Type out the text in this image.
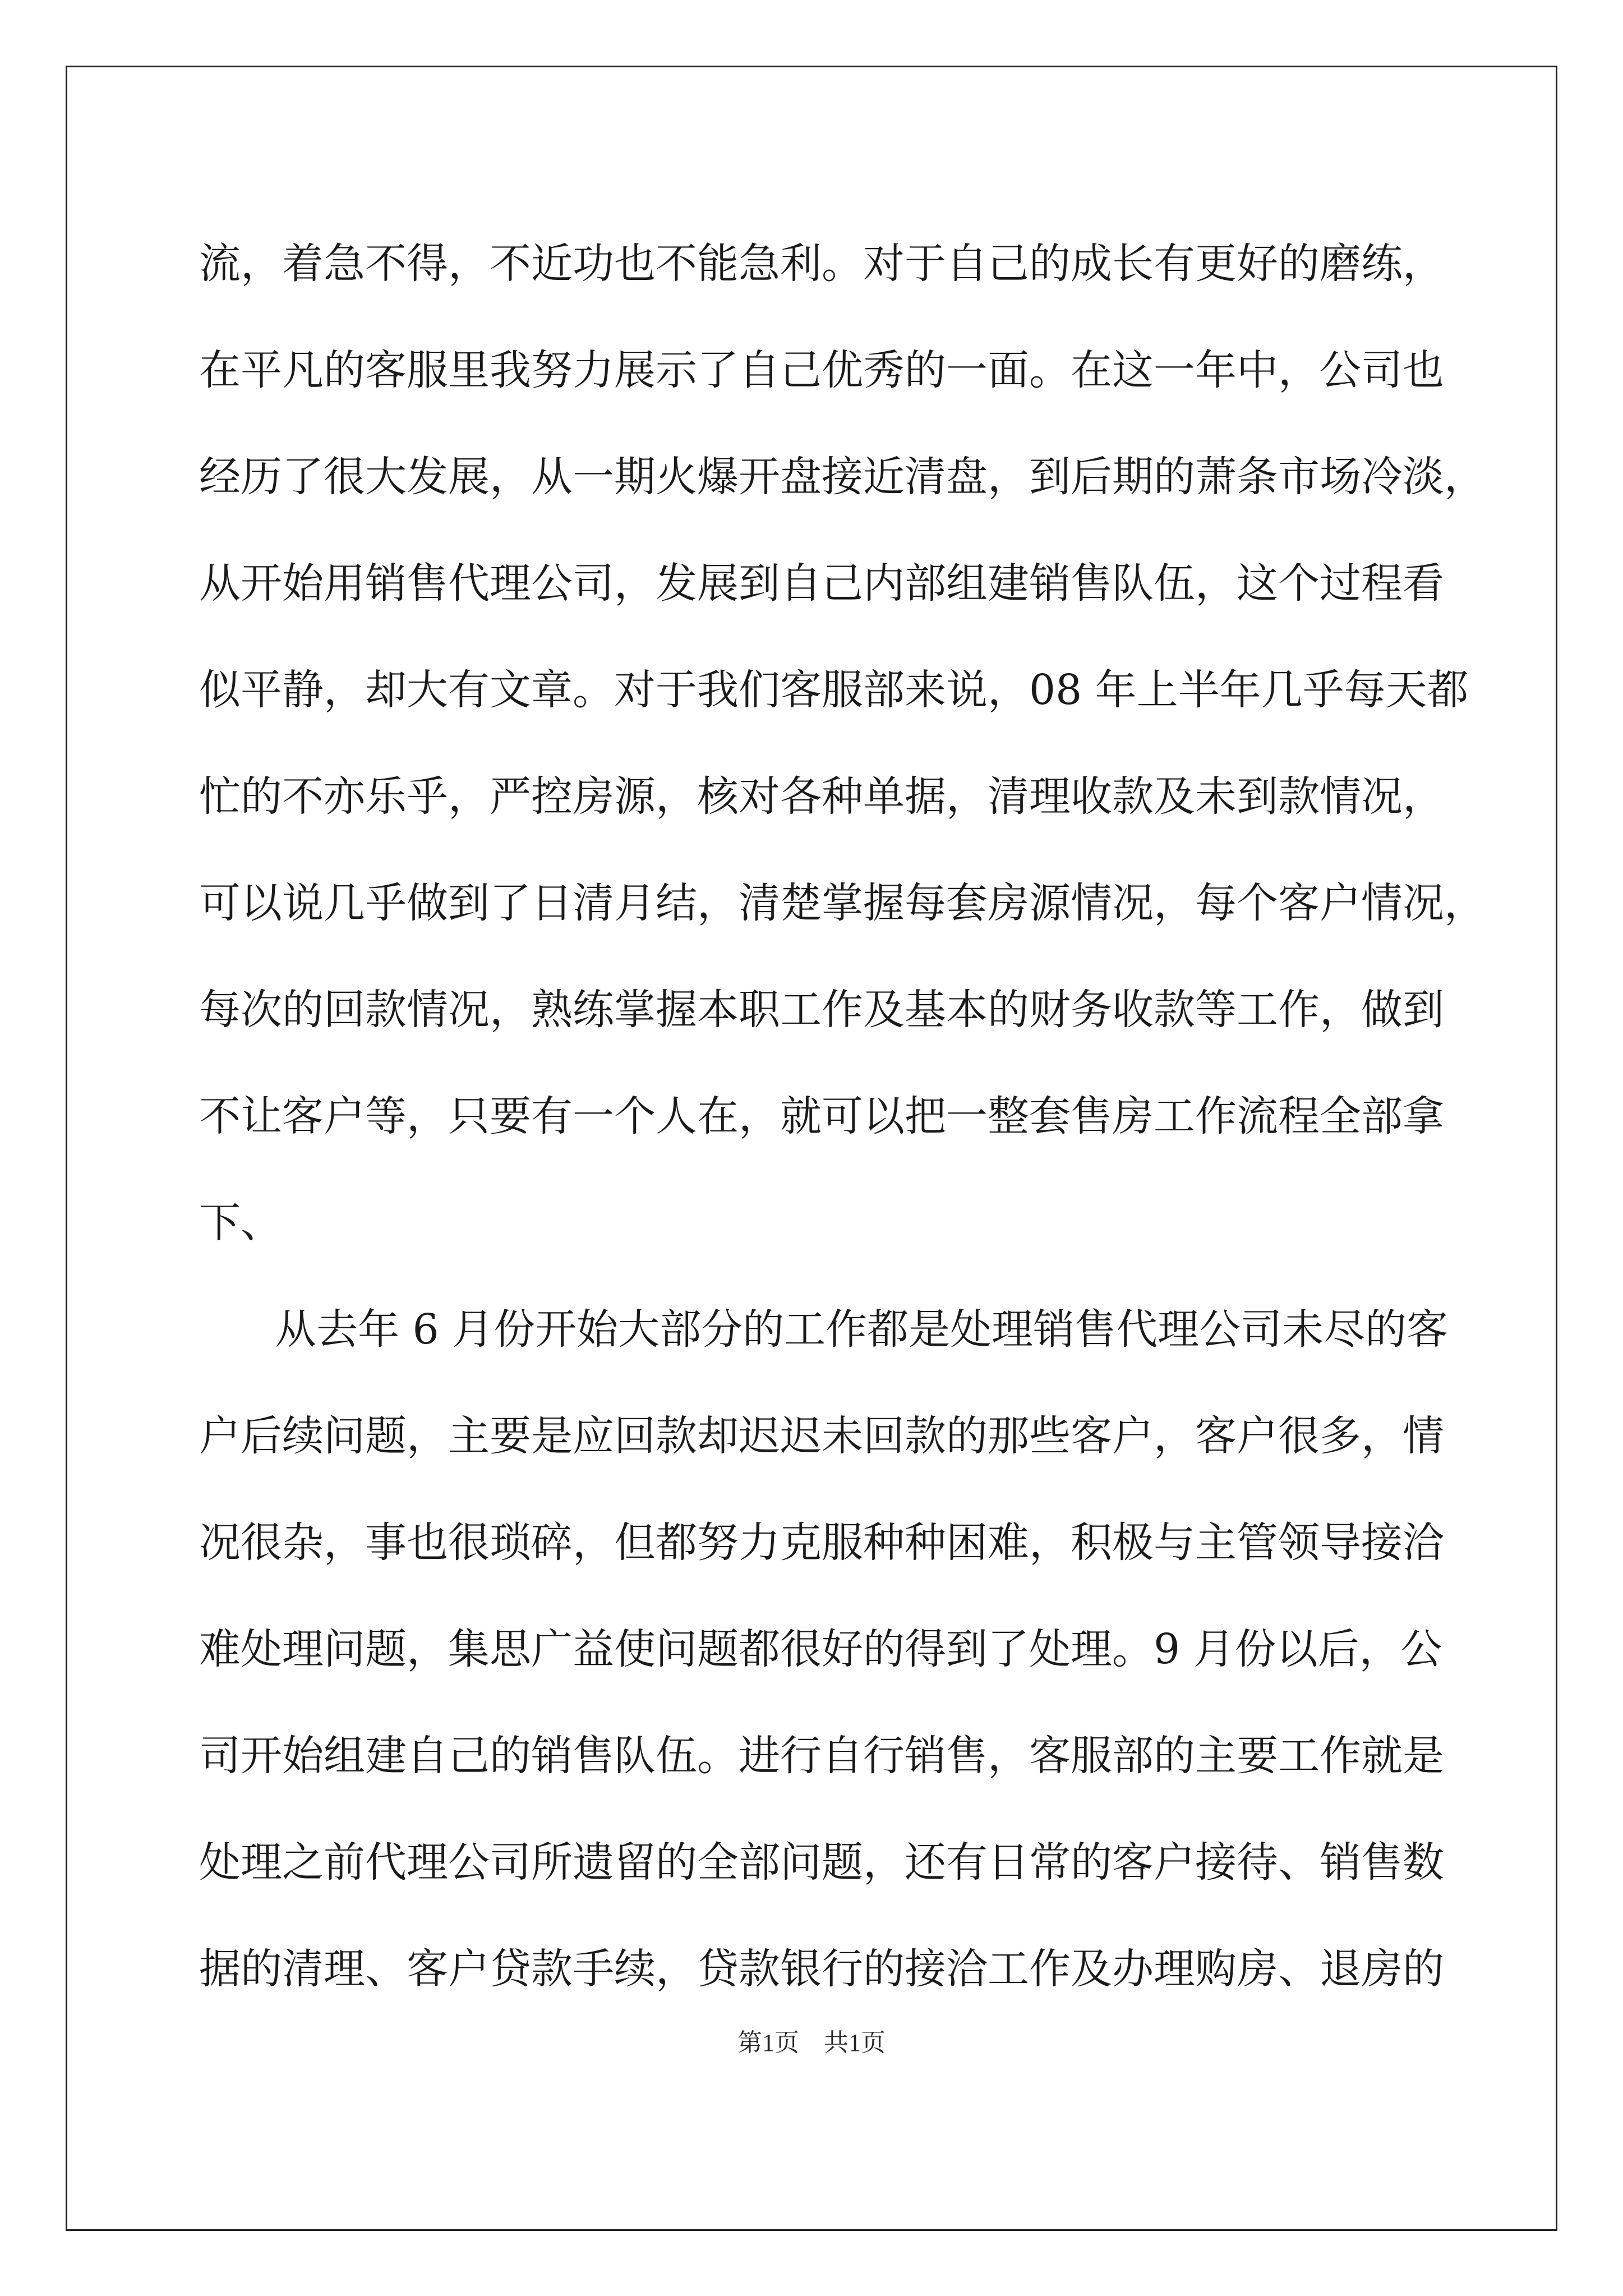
流，着急不得，不近功也不能急利。对于自己的成长有更好的磨练，
在平凡的客服里我努力展示了自己优秀的一面。在这一年中，公司也
经历了很大发展，从一期火爆开盘接近清盘，到后期的萧条市场冷淡，
从开始用销售代理公司，发展到自己内部组建销售队伍，这个过程看
似平静，却大有文章。对于我们客服部来说，08 年上半年几乎每天都
忙的不亦乐乎，严控房源，核对各种单据，清理收款及未到款情况，
可以说几乎做到了日清月结，清楚掌握每套房源情况，每个客户情况，
每次的回款情况，熟练掌握本职工作及基本的财务收款等工作，做到
不让客户等，只要有一个人在，就可以把一整套售房工作流程全部拿
下、
从去年 6 月份开始大部分的工作都是处理销售代理公司未尽的客
户后续问题，主要是应回款却迟迟未回款的那些客户，客户很多，情
况很杂，事也很琐碎，但都努力克服种种困难，积极与主管领导接洽
难处理问题，集思广益使问题都很好的得到了处理。9 月份以后，公
司开始组建自己的销售队伍。进行自行销售，客服部的主要工作就是
处理之前代理公司所遗留的全部问题，还有日常的客户接待、销售数
据的清理、客户贷款手续，贷款银行的接洽工作及办理购房、退房的
第1页　共1页
